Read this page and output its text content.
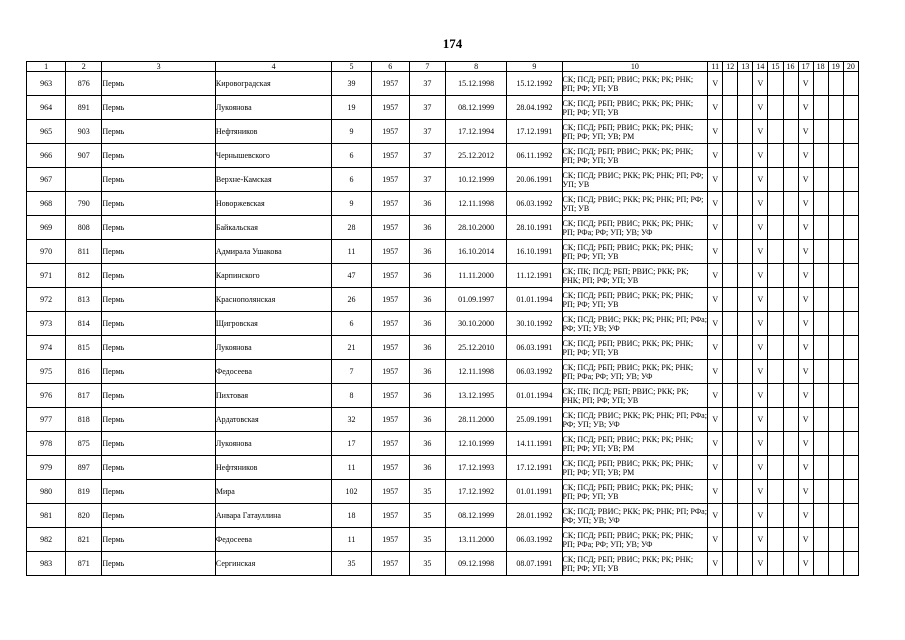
174
1	2	3	4	5	6	7	8	9	10	11	12	13	14	15	16	17	18	19	20
963	876	Пермь	Кировоградская	39	1957	37	15.12.1998	15.12.1992	СК; ПСД; РБП; РВИС; РКК; РК; РНК; РП; РФ; УП; УВ	V			V			V			
964	891	Пермь	Лукоянова	19	1957	37	08.12.1999	28.04.1992	СК; ПСД; РБП; РВИС; РКК; РК; РНК; РП; РФ; УП; УВ	V			V			V			
965	903	Пермь	Нефтяников	9	1957	37	17.12.1994	17.12.1991	СК; ПСД; РБП; РВИС; РКК; РК; РНК; РП; РФ; УП; УВ; РМ	V			V			V			
966	907	Пермь	Чернышевского	6	1957	37	25.12.2012	06.11.1992	СК; ПСД; РБП; РВИС; РКК; РК; РНК; РП; РФ; УП; УВ	V			V			V			
967		Пермь	Верхне-Камская	6	1957	37	10.12.1999	20.06.1991	СК; ПСД; РВИС; РКК; РК; РНК; РП; РФ; УП; УВ	V			V			V			
968	790	Пермь	Новоржевская	9	1957	36	12.11.1998	06.03.1992	СК; ПСД; РВИС; РКК; РК; РНК; РП; РФ; УП; УВ	V			V			V			
969	808	Пермь	Байкальская	28	1957	36	28.10.2000	28.10.1991	СК; ПСД; РБП; РВИС; РКК; РК; РНК; РП; РФа; РФ; УП; УВ; УФ	V			V			V			
970	811	Пермь	Адмирала Ушакова	11	1957	36	16.10.2014	16.10.1991	СК; ПСД; РБП; РВИС; РКК; РК; РНК; РП; РФ; УП; УВ	V			V			V			
971	812	Пермь	Карпинского	47	1957	36	11.11.2000	11.12.1991	СК; ПК; ПСД; РБП; РВИС; РКК; РК; РНК; РП; РФ; УП; УВ	V			V			V			
972	813	Пермь	Краснополянская	26	1957	36	01.09.1997	01.01.1994	СК; ПСД; РБП; РВИС; РКК; РК; РНК; РП; РФ; УП; УВ	V			V			V			
973	814	Пермь	Щигровская	6	1957	36	30.10.2000	30.10.1992	СК; ПСД; РВИС; РКК; РК; РНК; РП; РФа; РФ; УП; УВ; УФ	V			V			V			
974	815	Пермь	Лукоянова	21	1957	36	25.12.2010	06.03.1991	СК; ПСД; РБП; РВИС; РКК; РК; РНК; РП; РФ; УП; УВ	V			V			V			
975	816	Пермь	Федосеева	7	1957	36	12.11.1998	06.03.1992	СК; ПСД; РБП; РВИС; РКК; РК; РНК; РП; РФа; РФ; УП; УВ; УФ	V			V			V			
976	817	Пермь	Пихтовая	8	1957	36	13.12.1995	01.01.1994	СК; ПК; ПСД; РБП; РВИС; РКК; РК; РНК; РП; РФ; УП; УВ	V			V			V			
977	818	Пермь	Ардатовская	32	1957	36	28.11.2000	25.09.1991	СК; ПСД; РВИС; РКК; РК; РНК; РП; РФа; РФ; УП; УВ; УФ	V			V			V			
978	875	Пермь	Лукоянова	17	1957	36	12.10.1999	14.11.1991	СК; ПСД; РБП; РВИС; РКК; РК; РНК; РП; РФ; УП; УВ; РМ	V			V			V			
979	897	Пермь	Нефтяников	11	1957	36	17.12.1993	17.12.1991	СК; ПСД; РБП; РВИС; РКК; РК; РНК; РП; РФ; УП; УВ; РМ	V			V			V			
980	819	Пермь	Мира	102	1957	35	17.12.1992	01.01.1991	СК; ПСД; РБП; РВИС; РКК; РК; РНК; РП; РФ; УП; УВ	V			V			V			
981	820	Пермь	Анвара Гатауллина	18	1957	35	08.12.1999	28.01.1992	СК; ПСД; РВИС; РКК; РК; РНК; РП; РФа; РФ; УП; УВ; УФ	V			V			V			
982	821	Пермь	Федосеева	11	1957	35	13.11.2000	06.03.1992	СК; ПСД; РБП; РВИС; РКК; РК; РНК; РП; РФа; РФ; УП; УВ; УФ	V			V			V			
983	871	Пермь	Сергинская	35	1957	35	09.12.1998	08.07.1991	СК; ПСД; РБП; РВИС; РКК; РК; РНК; РП; РФ; УП; УВ	V			V			V			
